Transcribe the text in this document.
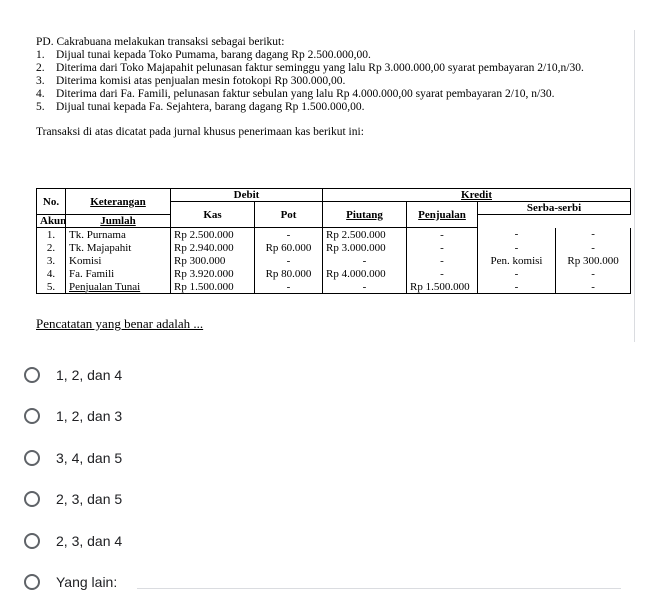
PD. Cakrabuana melakukan transaksi sebagai berikut:

1. Dijual tunai kepada Toko Pumama, barang dagang Rp 2.500.000,00.
2. Diterima dari Toko Majapahit pelunasan faktur seminggu yang lalu Rp 3.000.000,00 syarat pembayaran 2/10,n/30.
3. Diterima komisi atas penjualan mesin fotokopi Rp 300.000,00.
4. Diterima dari Fa. Famili, pelunasan faktur sebulan yang lalu Rp 4.000.000,00 syarat pembayaran 2/10, n/30.
5. Dijual tunai kepada Fa. Sejahtera, barang dagang Rp 1.500.000,00.

Transaksi di atas dicatat pada jurnal khusus penerimaan kas berikut ini:

No.	Keterangan	Debit		Kredit			
		Kas	Pot	Piutang	Penjualan	Serba-serbi	
Akun	Jumlah						
1.	Tk. Purnama	Rp 2.500.000	-	Rp 2.500.000	-	-	-
2.	Tk. Majapahit	Rp 2.940.000	Rp 60.000	Rp 3.000.000	-	-	-
3.	Komisi	Rp 300.000	-	-	-	Pen. komisi	Rp 300.000
4.	Fa. Famili	Rp 3.920.000	Rp 80.000	Rp 4.000.000	-	-	-
5.	Penjualan Tunai	Rp 1.500.000	-	-	Rp 1.500.000	-	-
Pencatatan yang benar adalah ...
1, 2, dan 4
1, 2, dan 3
3, 4, dan 5
2, 3, dan 5
2, 3, dan 4
Yang lain:
